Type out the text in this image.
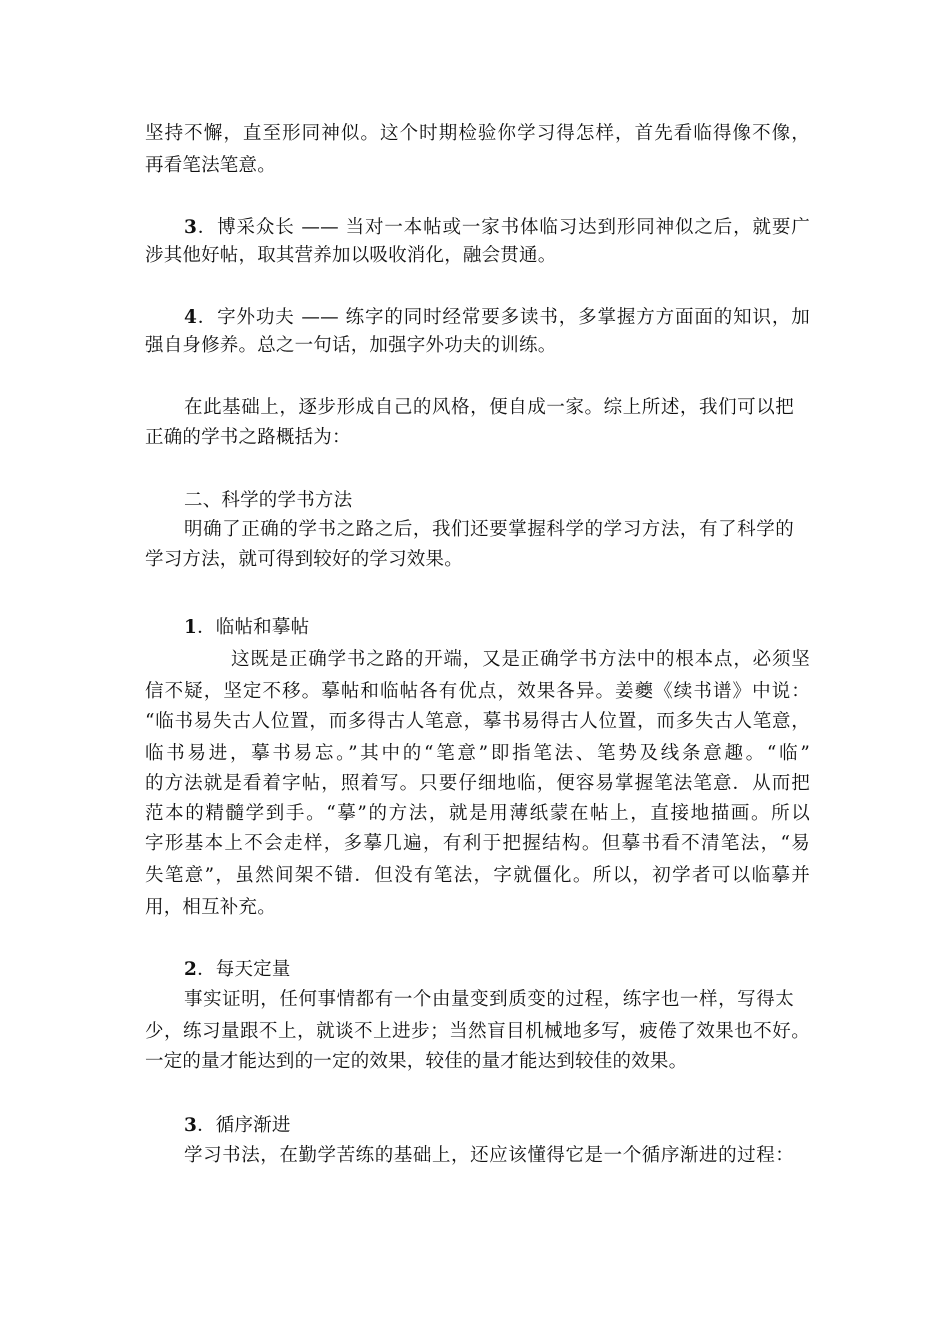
坚持不懈，直至形同神似。这个时期检验你学习得怎样，首先看临得像不像，
再看笔法笔意。
3．博采众长 —— 当对一本帖或一家书体临习达到形同神似之后，就要广
涉其他好帖，取其营养加以吸收消化，融会贯通。
4．字外功夫 —— 练字的同时经常要多读书，多掌握方方面面的知识，加
强自身修养。总之一句话，加强字外功夫的训练。
在此基础上，逐步形成自己的风格，便自成一家。综上所述，我们可以把
正确的学书之路概括为：
二、科学的学书方法
明确了正确的学书之路之后，我们还要掌握科学的学习方法，有了科学的
学习方法，就可得到较好的学习效果。
1．临帖和摹帖
这既是正确学书之路的开端，又是正确学书方法中的根本点，必须坚
信不疑，坚定不移。摹帖和临帖各有优点，效果各异。姜夔《续书谱》中说：
“临书易失古人位置，而多得古人笔意，摹书易得古人位置，而多失古人笔意，
临书易进，摹书易忘。”其中的“笔意”即指笔法、笔势及线条意趣。“临”
的方法就是看着字帖，照着写。只要仔细地临，便容易掌握笔法笔意．从而把
范本的精髓学到手。“摹”的方法，就是用薄纸蒙在帖上，直接地描画。所以
字形基本上不会走样，多摹几遍，有利于把握结构。但摹书看不清笔法，“易
失笔意”，虽然间架不错．但没有笔法，字就僵化。所以，初学者可以临摹并
用，相互补充。
2．每天定量
事实证明，任何事情都有一个由量变到质变的过程，练字也一样，写得太
少，练习量跟不上，就谈不上进步；当然盲目机械地多写，疲倦了效果也不好。
一定的量才能达到的一定的效果，较佳的量才能达到较佳的效果。
3．循序渐进
学习书法，在勤学苦练的基础上，还应该懂得它是一个循序渐进的过程：
